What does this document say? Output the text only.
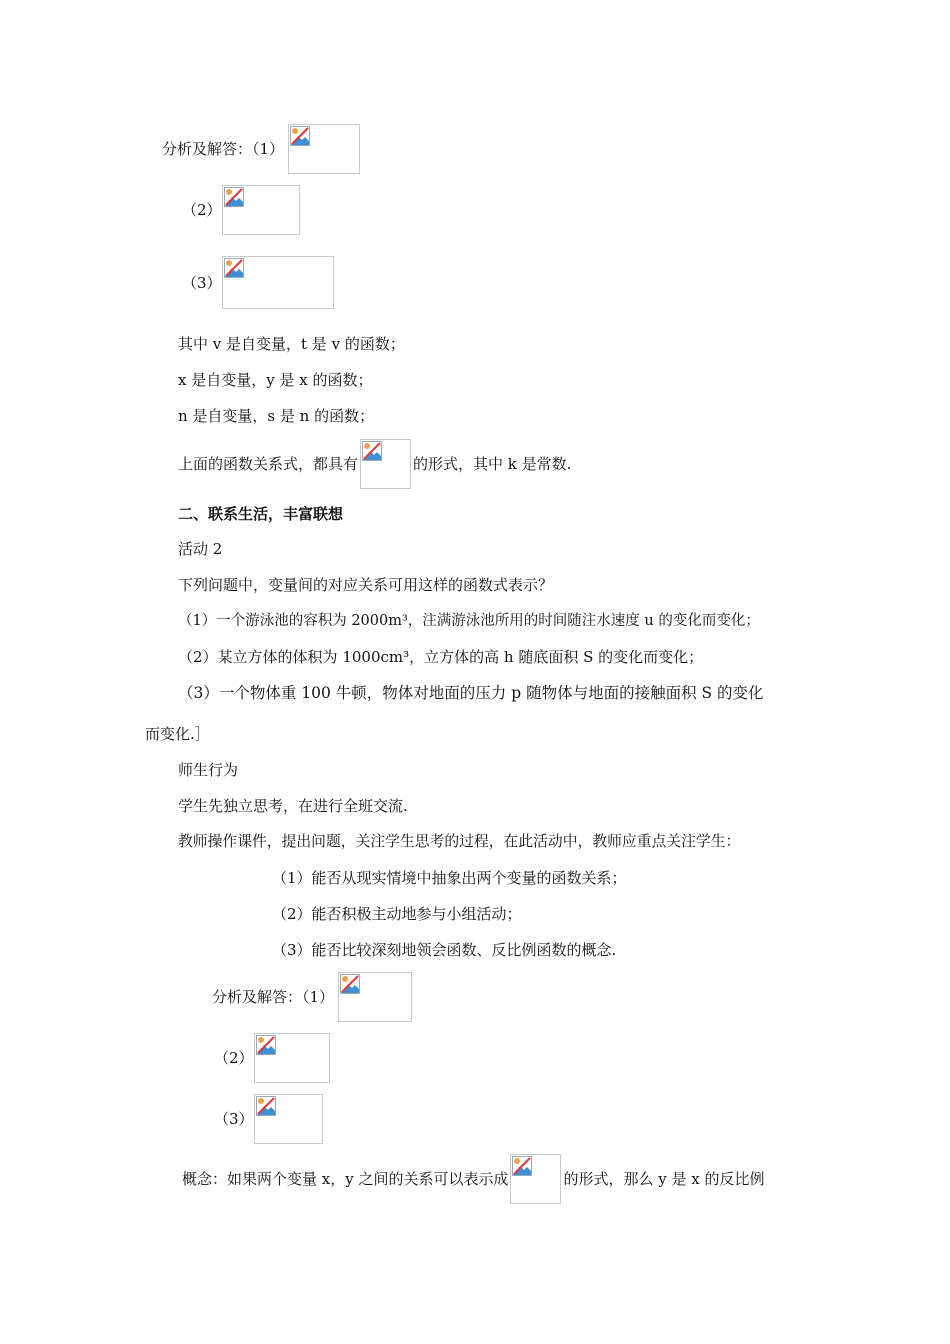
分析及解答：（1）
（2）
（3）
其中 v 是自变量，t 是 v 的函数；
x 是自变量，y 是 x 的函数；
n 是自变量，s 是 n 的函数；
上面的函数关系式，都具有	的形式，其中 k 是常数.
二、联系生活，丰富联想
活动 2
下列问题中，变量间的对应关系可用这样的函数式表示？
（1）一个游泳池的容积为 2000m³，注满游泳池所用的时间随注水速度 u 的变化而变化；
（2）某立方体的体积为 1000cm³，立方体的高 h 随底面积 S 的变化而变化；
（3）一个物体重 100 牛顿，物体对地面的压力 p 随物体与地面的接触面积 S 的变化
而变化.］
师生行为
学生先独立思考，在进行全班交流.
教师操作课件，提出问题，关注学生思考的过程，在此活动中，教师应重点关注学生：
（1）能否从现实情境中抽象出两个变量的函数关系；
（2）能否积极主动地参与小组活动；
（3）能否比较深刻地领会函数、反比例函数的概念.
分析及解答：（1）
（2）
（3）
概念：如果两个变量 x，y 之间的关系可以表示成	的形式，那么 y 是 x 的反比例
